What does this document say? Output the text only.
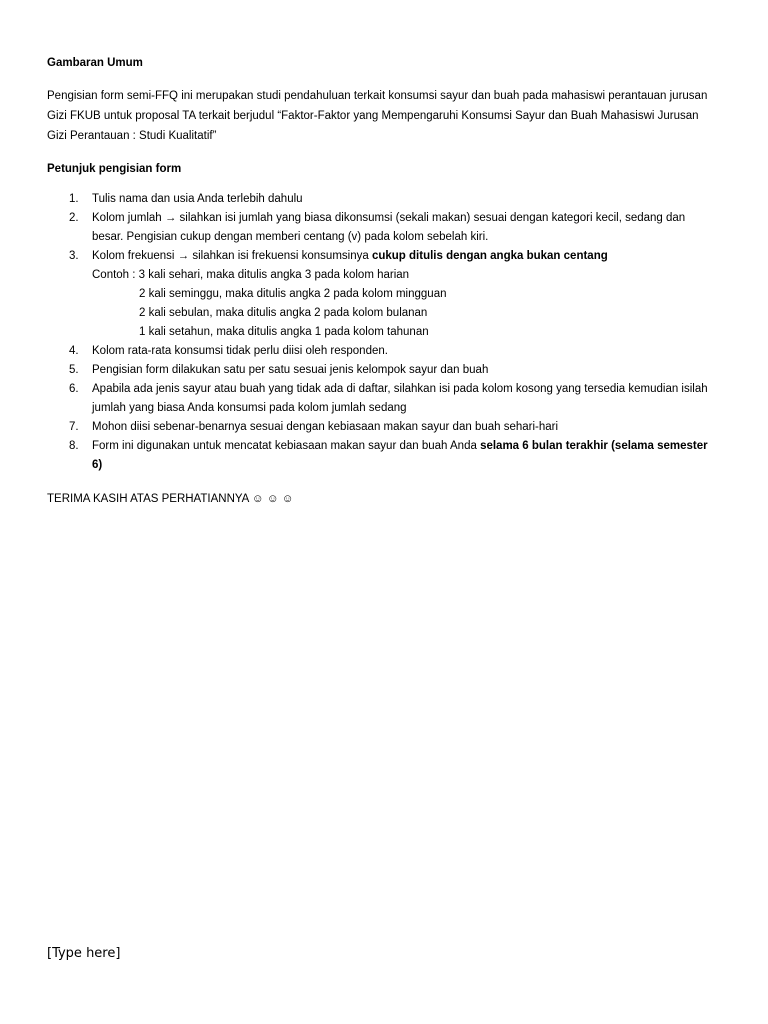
Gambaran Umum

Pengisian form semi-FFQ ini merupakan studi pendahuluan terkait konsumsi sayur dan buah pada mahasiswi perantauan jurusan Gizi FKUB untuk proposal TA terkait berjudul “Faktor-Faktor yang Mempengaruhi Konsumsi Sayur dan Buah Mahasiswi Jurusan Gizi Perantauan : Studi Kualitatif”

Petunjuk pengisian form

1. Tulis nama dan usia Anda terlebih dahulu
2. Kolom jumlah → silahkan isi jumlah yang biasa dikonsumsi (sekali makan) sesuai dengan kategori kecil, sedang dan besar. Pengisian cukup dengan memberi centang (v) pada kolom sebelah kiri.
3. Kolom frekuensi → silahkan isi frekuensi konsumsinya cukup ditulis dengan angka bukan centang
Contoh : 3 kali sehari, maka ditulis angka 3 pada kolom harian
2 kali seminggu, maka ditulis angka 2 pada kolom mingguan
2 kali sebulan, maka ditulis angka 2 pada kolom bulanan
1 kali setahun, maka ditulis angka 1 pada kolom tahunan
4. Kolom rata-rata konsumsi tidak perlu diisi oleh responden.
5. Pengisian form dilakukan satu per satu sesuai jenis kelompok sayur dan buah
6. Apabila ada jenis sayur atau buah yang tidak ada di daftar, silahkan isi pada kolom kosong yang tersedia kemudian isilah jumlah yang biasa Anda konsumsi pada kolom jumlah sedang
7. Mohon diisi sebenar-benarnya sesuai dengan kebiasaan makan sayur dan buah sehari-hari
8. Form ini digunakan untuk mencatat kebiasaan makan sayur dan buah Anda selama 6 bulan terakhir (selama semester 6)

TERIMA KASIH ATAS PERHATIANNYA ☺ ☺ ☺

[Type here]
